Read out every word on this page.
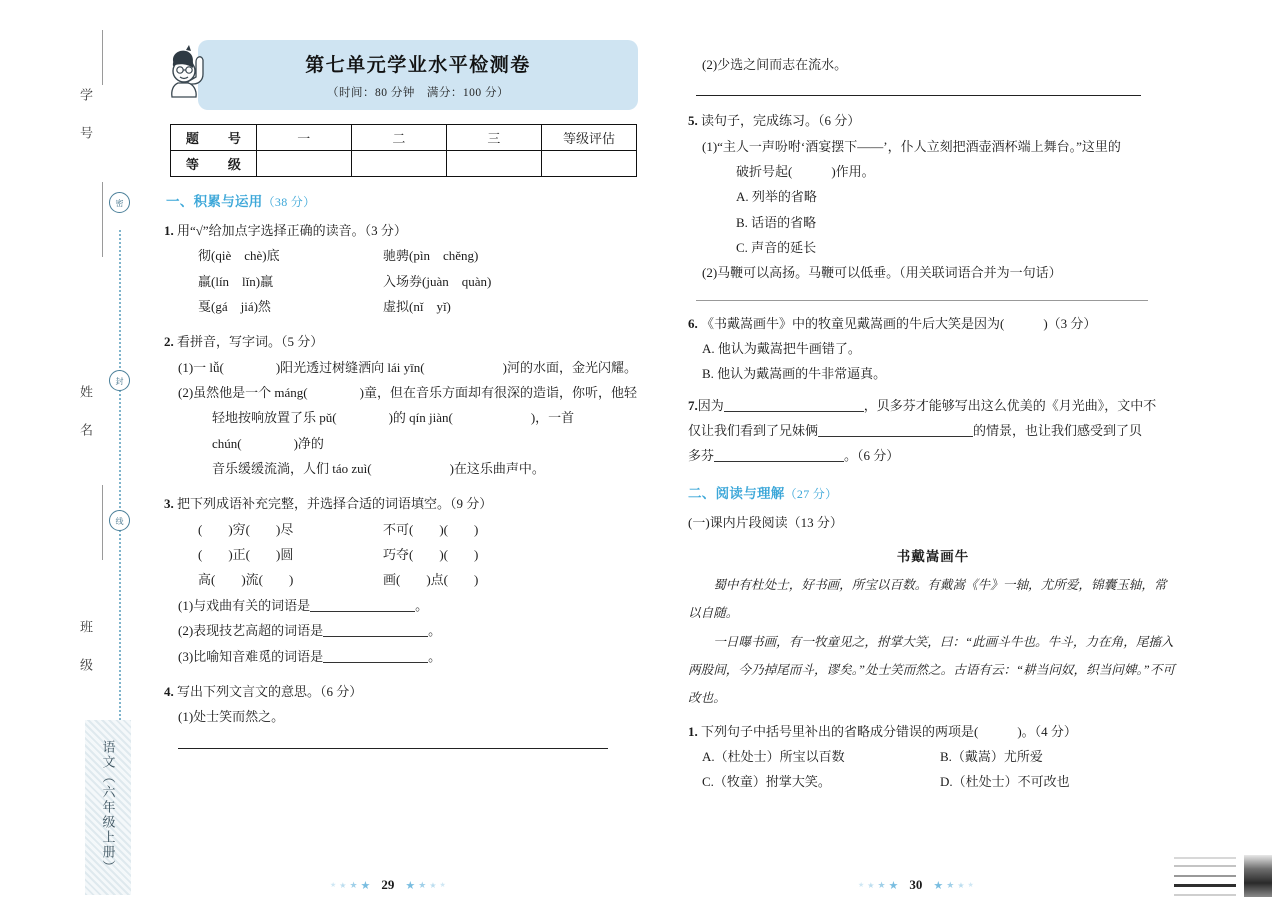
学 号
姓 名
班 级
密
封
线
语文（六年级上册）
第七单元学业水平检测卷
（时间：80 分钟　满分：100 分）
题　号	一	二	三	等级评估
等　级				
一、积累与运用（38 分）
1. 用“√”给加点字选择正确的读音。（3 分）
彻(qiè　chè)底	驰骋(pìn　chěng)
羸(lín　lǐn)羸	入场券(juàn　quàn)
戛(gá　jiá)然	虚拟(nǐ　yǐ)
2. 看拼音，写字词。（5 分）
(1)一 lǚ(　　　　)阳光透过树缝洒向 lái yīn(　　　　　　)河的水面，金光闪耀。
(2)虽然他是一个 máng(　　　　)童，但在音乐方面却有很深的造诣，你听，他轻
轻地按响放置了乐 pǔ(　　　　)的 qín jiàn(　　　　　　)，一首 chún(　　　　)净的
音乐缓缓流淌，人们 táo zuì(　　　　　　)在这乐曲声中。
3. 把下列成语补充完整，并选择合适的词语填空。（9 分）
(　　)穷(　　)尽	不可(　　)(　　)
(　　)正(　　)圆	巧夺(　　)(　　)
高(　　)流(　　)	画(　　)点(　　)
(1)与戏曲有关的词语是	。
(2)表现技艺高超的词语是	。
(3)比喻知音难觅的词语是	。
4. 写出下列文言文的意思。（6 分）
(1)处士笑而然之。
★ ★ ★ ★ 29 ★ ★ ★ ★
(2)少选之间而志在流水。
5. 读句子，完成练习。（6 分）
(1)“主人一声吩咐‘酒宴摆下——’，仆人立刻把酒壶酒杯端上舞台。”这里的
破折号起(　　　)作用。
A. 列举的省略
B. 话语的省略
C. 声音的延长
(2)马鞭可以高扬。马鞭可以低垂。（用关联词语合并为一句话）
6. 《书戴嵩画牛》中的牧童见戴嵩画的牛后大笑是因为(　　　)（3 分）
A. 他认为戴嵩把牛画错了。
B. 他认为戴嵩画的牛非常逼真。
7.因为	，贝多芬才能够写出这么优美的《月光曲》，文中不
仅让我们看到了兄妹俩	的情景，也让我们感受到了贝
多芬	。（6 分）
二、阅读与理解（27 分）
(一)课内片段阅读（13 分）
书戴嵩画牛

蜀中有杜处士，好书画，所宝以百数。有戴嵩《牛》一轴，尤所爱，锦囊玉轴，常以自随。

一日曝书画，有一牧童见之，拊掌大笑，曰：“此画斗牛也。牛斗，力在角，尾搐入两股间，今乃掉尾而斗，谬矣。”处士笑而然之。古语有云：“耕当问奴，织当问婢。”不可改也。

1. 下列句子中括号里补出的省略成分错误的两项是(　　　)。（4 分）
A.（杜处士）所宝以百数	B.（戴嵩）尤所爱
C.（牧童）拊掌大笑。	D.（杜处士）不可改也
★ ★ ★ ★ 30 ★ ★ ★ ★
